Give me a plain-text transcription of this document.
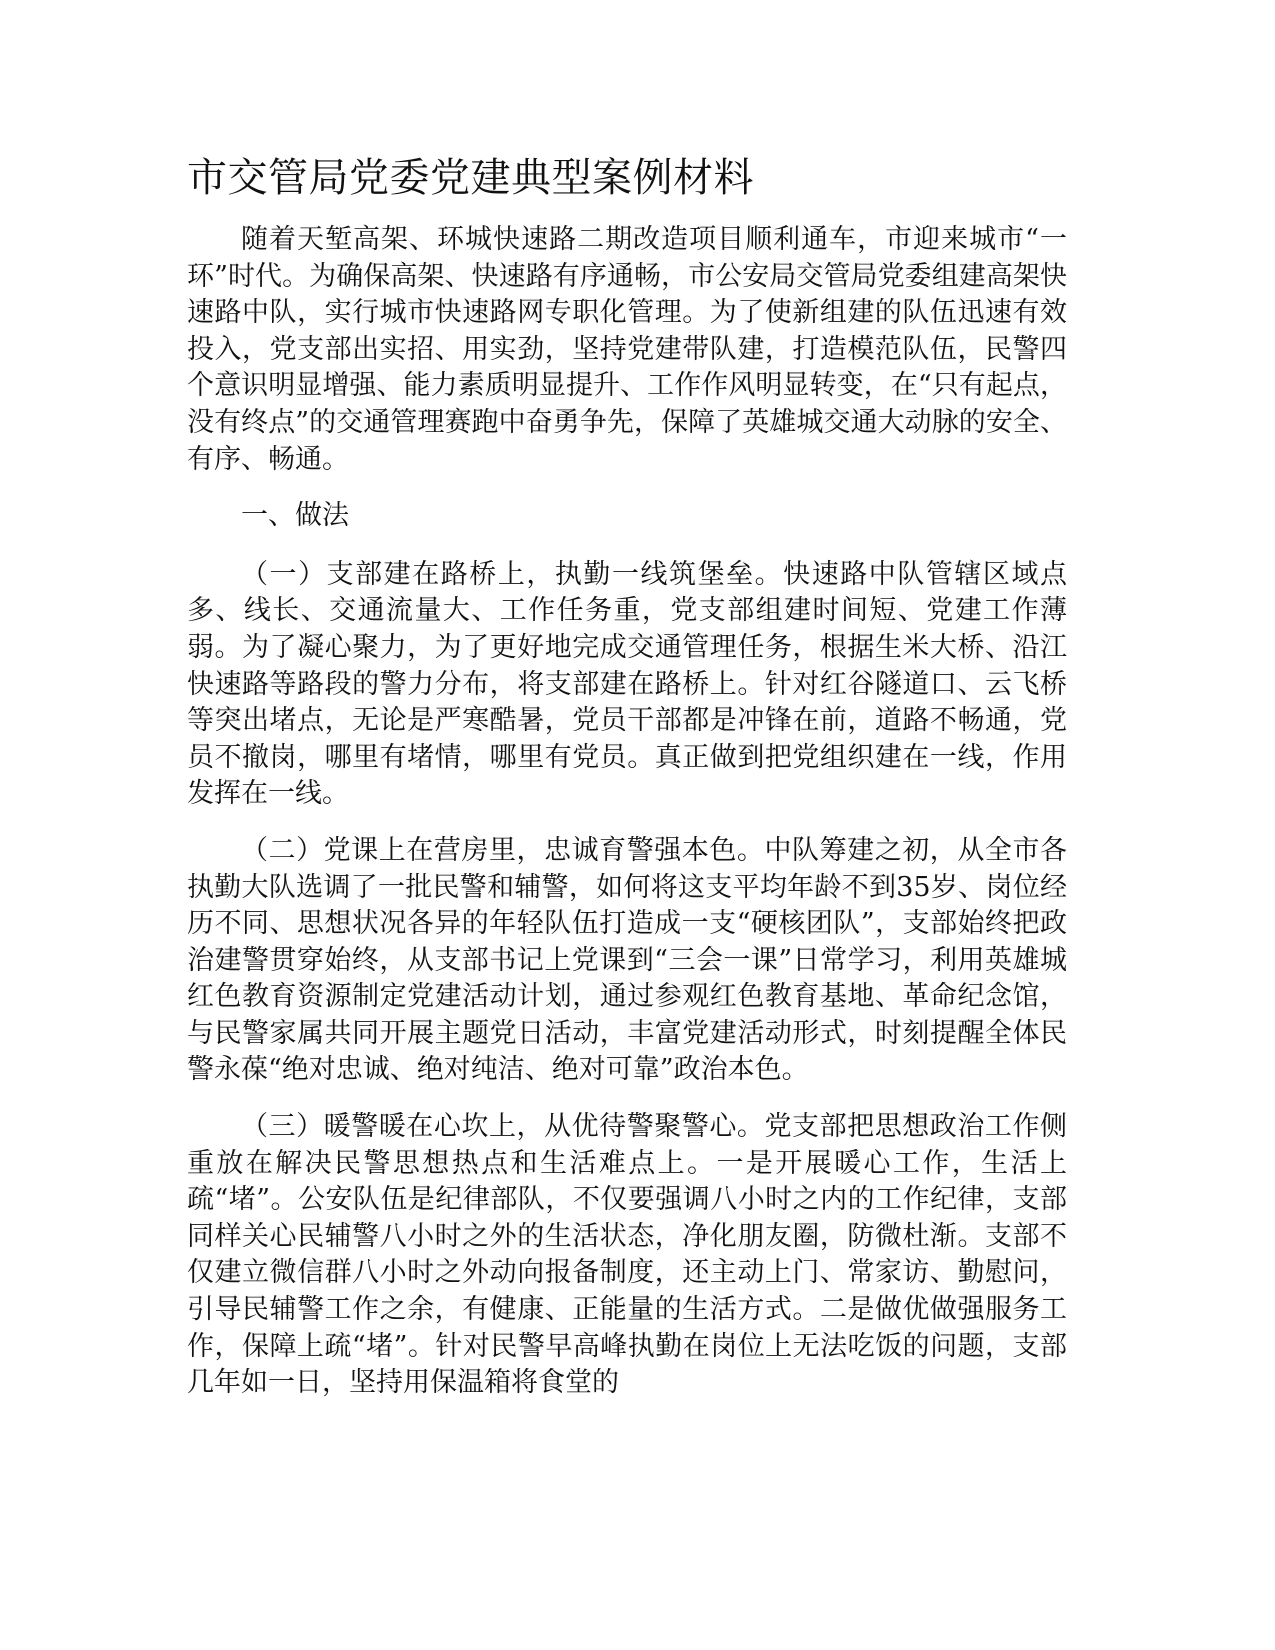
市交管局党委党建典型案例材料

随着天堑高架、环城快速路二期改造项目顺利通车，市迎来城市“一环”时代。为确保高架、快速路有序通畅，市公安局交管局党委组建高架快速路中队，实行城市快速路网专职化管理。为了使新组建的队伍迅速有效投入，党支部出实招、用实劲，坚持党建带队建，打造模范队伍，民警四个意识明显增强、能力素质明显提升、工作作风明显转变，在“只有起点，没有终点”的交通管理赛跑中奋勇争先，保障了英雄城交通大动脉的安全、有序、畅通。

一、做法

（一）支部建在路桥上，执勤一线筑堡垒。快速路中队管辖区域点多、线长、交通流量大、工作任务重，党支部组建时间短、党建工作薄弱。为了凝心聚力，为了更好地完成交通管理任务，根据生米大桥、沿江快速路等路段的警力分布，将支部建在路桥上。针对红谷隧道口、云飞桥等突出堵点，无论是严寒酷暑，党员干部都是冲锋在前，道路不畅通，党员不撤岗，哪里有堵情，哪里有党员。真正做到把党组织建在一线，作用发挥在一线。

（二）党课上在营房里，忠诚育警强本色。中队筹建之初，从全市各执勤大队选调了一批民警和辅警，如何将这支平均年龄不到35岁、岗位经历不同、思想状况各异的年轻队伍打造成一支“硬核团队”，支部始终把政治建警贯穿始终，从支部书记上党课到“三会一课”日常学习，利用英雄城红色教育资源制定党建活动计划，通过参观红色教育基地、革命纪念馆，与民警家属共同开展主题党日活动，丰富党建活动形式，时刻提醒全体民警永葆“绝对忠诚、绝对纯洁、绝对可靠”政治本色。

（三）暖警暖在心坎上，从优待警聚警心。党支部把思想政治工作侧重放在解决民警思想热点和生活难点上。一是开展暖心工作，生活上疏“堵”。公安队伍是纪律部队，不仅要强调八小时之内的工作纪律，支部同样关心民辅警八小时之外的生活状态，净化朋友圈，防微杜渐。支部不仅建立微信群八小时之外动向报备制度，还主动上门、常家访、勤慰问，引导民辅警工作之余，有健康、正能量的生活方式。二是做优做强服务工作，保障上疏“堵”。针对民警早高峰执勤在岗位上无法吃饭的问题，支部几年如一日，坚持用保温箱将食堂的
